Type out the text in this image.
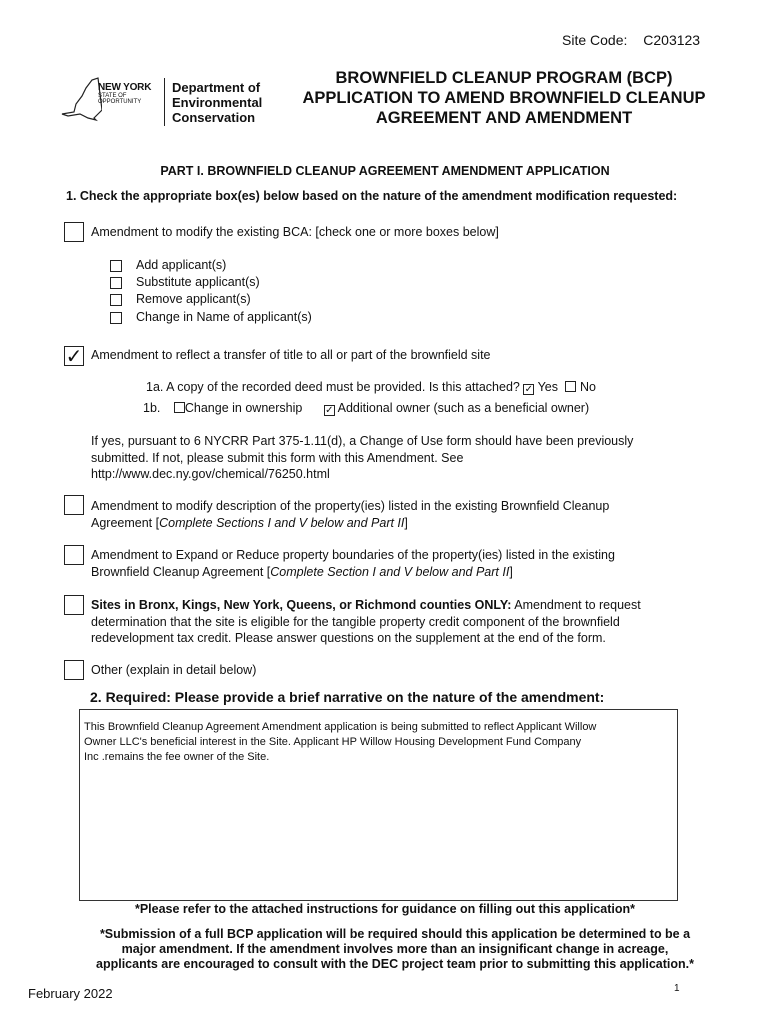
Site Code: C203123
NEW YORK
STATE OF
OPPORTUNITY
Department of
Environmental
Conservation
BROWNFIELD CLEANUP PROGRAM (BCP)
APPLICATION TO AMEND BROWNFIELD CLEANUP
AGREEMENT AND AMENDMENT
PART I. BROWNFIELD CLEANUP AGREEMENT AMENDMENT APPLICATION
1. Check the appropriate box(es) below based on the nature of the amendment modification requested:
Amendment to modify the existing BCA: [check one or more boxes below]
Add applicant(s)
Substitute applicant(s)
Remove applicant(s)
Change in Name of applicant(s)
✓ Amendment to reflect a transfer of title to all or part of the brownfield site
1a. A copy of the recorded deed must be provided. Is this attached? ✓ Yes No
1b. Change in ownership ✓ Additional owner (such as a beneficial owner)
If yes, pursuant to 6 NYCRR Part 375-1.11(d), a Change of Use form should have been previously
submitted. If not, please submit this form with this Amendment. See
http://www.dec.ny.gov/chemical/76250.html
Amendment to modify description of the property(ies) listed in the existing Brownfield Cleanup
Agreement [Complete Sections I and V below and Part II]
Amendment to Expand or Reduce property boundaries of the property(ies) listed in the existing
Brownfield Cleanup Agreement [Complete Section I and V below and Part II]
Sites in Bronx, Kings, New York, Queens, or Richmond counties ONLY: Amendment to request
determination that the site is eligible for the tangible property credit component of the brownfield
redevelopment tax credit. Please answer questions on the supplement at the end of the form.
Other (explain in detail below)
2. Required: Please provide a brief narrative on the nature of the amendment:
This Brownfield Cleanup Agreement Amendment application is being submitted to reflect Applicant Willow
Owner LLC's beneficial interest in the Site. Applicant HP Willow Housing Development Fund Company
Inc .remains the fee owner of the Site.
*Please refer to the attached instructions for guidance on filling out this application*
*Submission of a full BCP application will be required should this application be determined to be a
major amendment. If the amendment involves more than an insignificant change in acreage,
applicants are encouraged to consult with the DEC project team prior to submitting this application.*
February 2022	1
